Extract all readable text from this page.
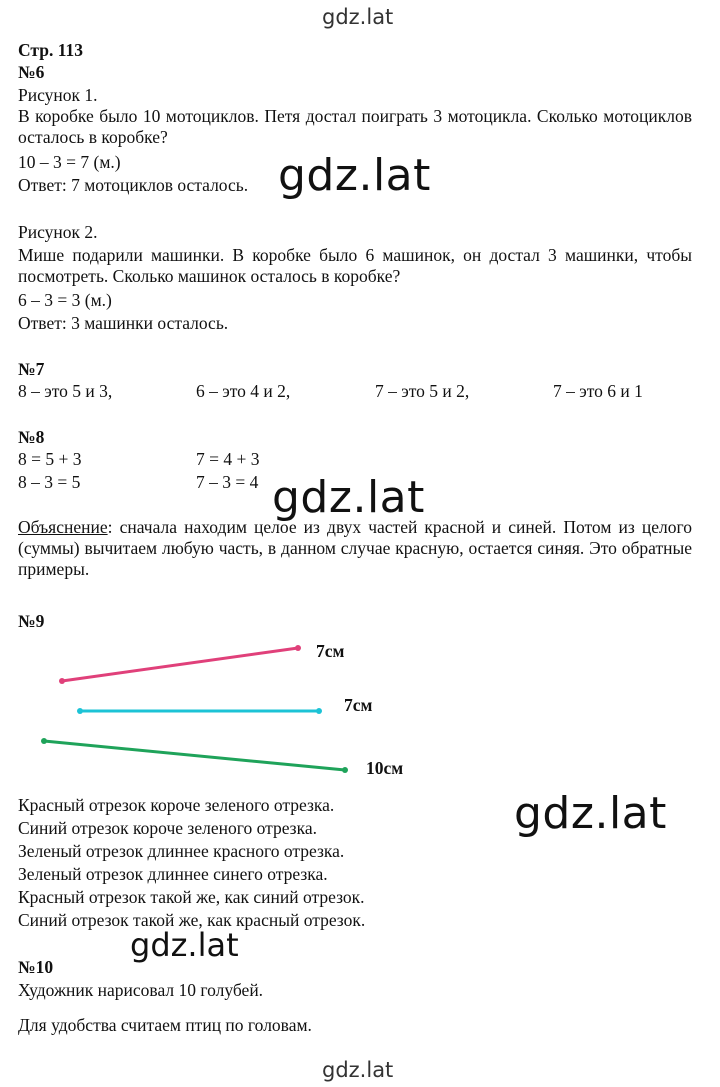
gdz.lat
Стр. 113
№6
Рисунок 1.
В коробке было 10 мотоциклов. Петя достал поиграть 3 мотоцикла. Сколько мотоциклов осталось в коробке?
10 – 3 = 7 (м.)
Ответ: 7 мотоциклов осталось. gdz.lat
Рисунок 2.
Мише подарили машинки. В коробке было 6 машинок, он достал 3 машинки, чтобы посмотреть. Сколько машинок осталось в коробке?
6 – 3 = 3 (м.)
Ответ: 3 машинки осталось.
№7
8 – это 5 и 3,	6 – это 4 и 2,	7 – это 5 и 2,	7 – это 6 и 1
№8
8 = 5 + 3	7 = 4 + 3
8 – 3 = 5	7 – 3 = 4 gdz.lat
Объяснение: сначала находим целое из двух частей красной и синей. Потом из целого (суммы) вычитаем любую часть, в данном случае красную, остается синяя. Это обратные примеры.
№9
7см
7см
10см
Красный отрезок короче зеленого отрезка.
Синий отрезок короче зеленого отрезка.
Зеленый отрезок длиннее красного отрезка.
Зеленый отрезок длиннее синего отрезка.
Красный отрезок такой же, как синий отрезок.
Синий отрезок такой же, как красный отрезок.
gdz.lat
gdz.lat
№10
Художник нарисовал 10 голубей.
Для удобства считаем птиц по головам.
gdz.lat
